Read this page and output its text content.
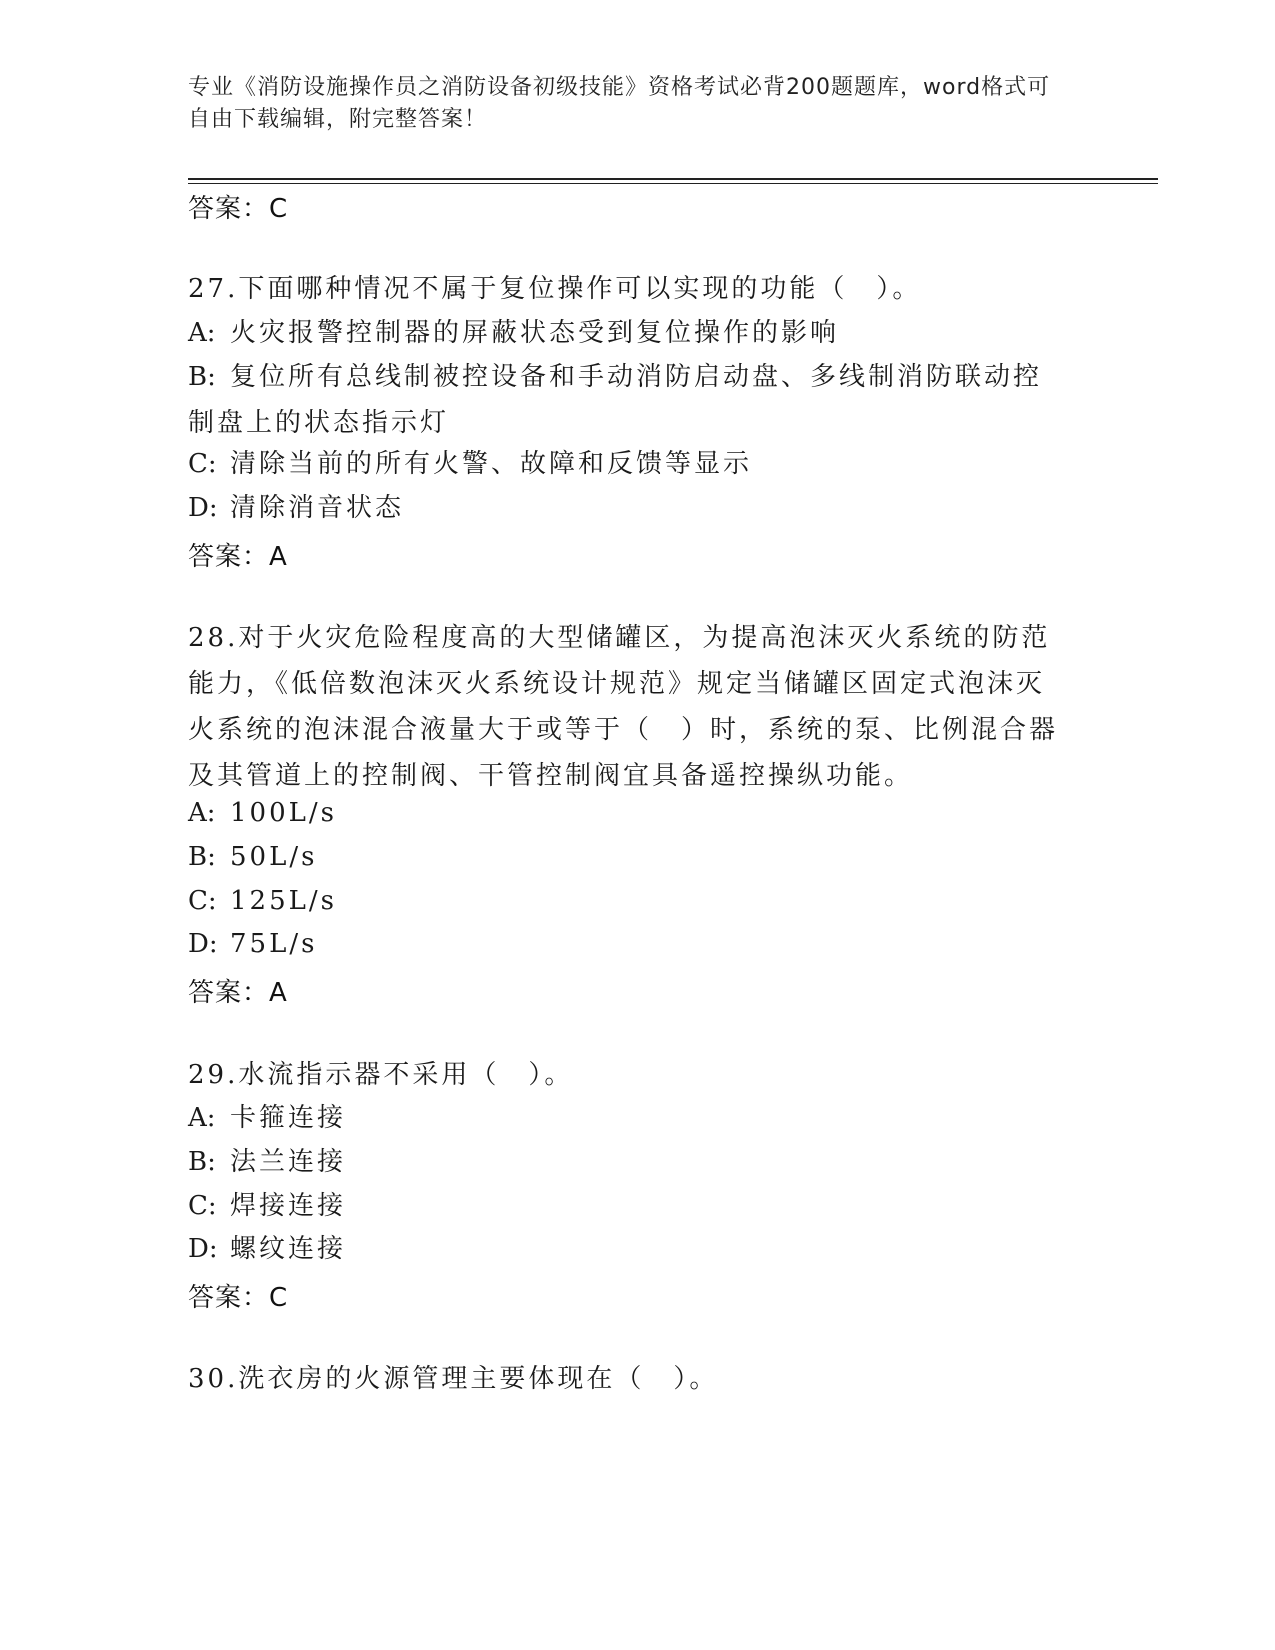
专业《消防设施操作员之消防设备初级技能》资格考试必背200题题库，word格式可自由下载编辑，附完整答案！
答案：C
27.下面哪种情况不属于复位操作可以实现的功能（　）。
A: 火灾报警控制器的屏蔽状态受到复位操作的影响
B: 复位所有总线制被控设备和手动消防启动盘、多线制消防联动控制盘上的状态指示灯
C: 清除当前的所有火警、故障和反馈等显示
D: 清除消音状态
答案：A
28.对于火灾危险程度高的大型储罐区，为提高泡沫灭火系统的防范能力，《低倍数泡沫灭火系统设计规范》规定当储罐区固定式泡沫灭火系统的泡沫混合液量大于或等于（　）时，系统的泵、比例混合器及其管道上的控制阀、干管控制阀宜具备遥控操纵功能。
A: 100L/s
B: 50L/s
C: 125L/s
D: 75L/s
答案：A
29.水流指示器不采用（　）。
A: 卡箍连接
B: 法兰连接
C: 焊接连接
D: 螺纹连接
答案：C
30.洗衣房的火源管理主要体现在（　）。
